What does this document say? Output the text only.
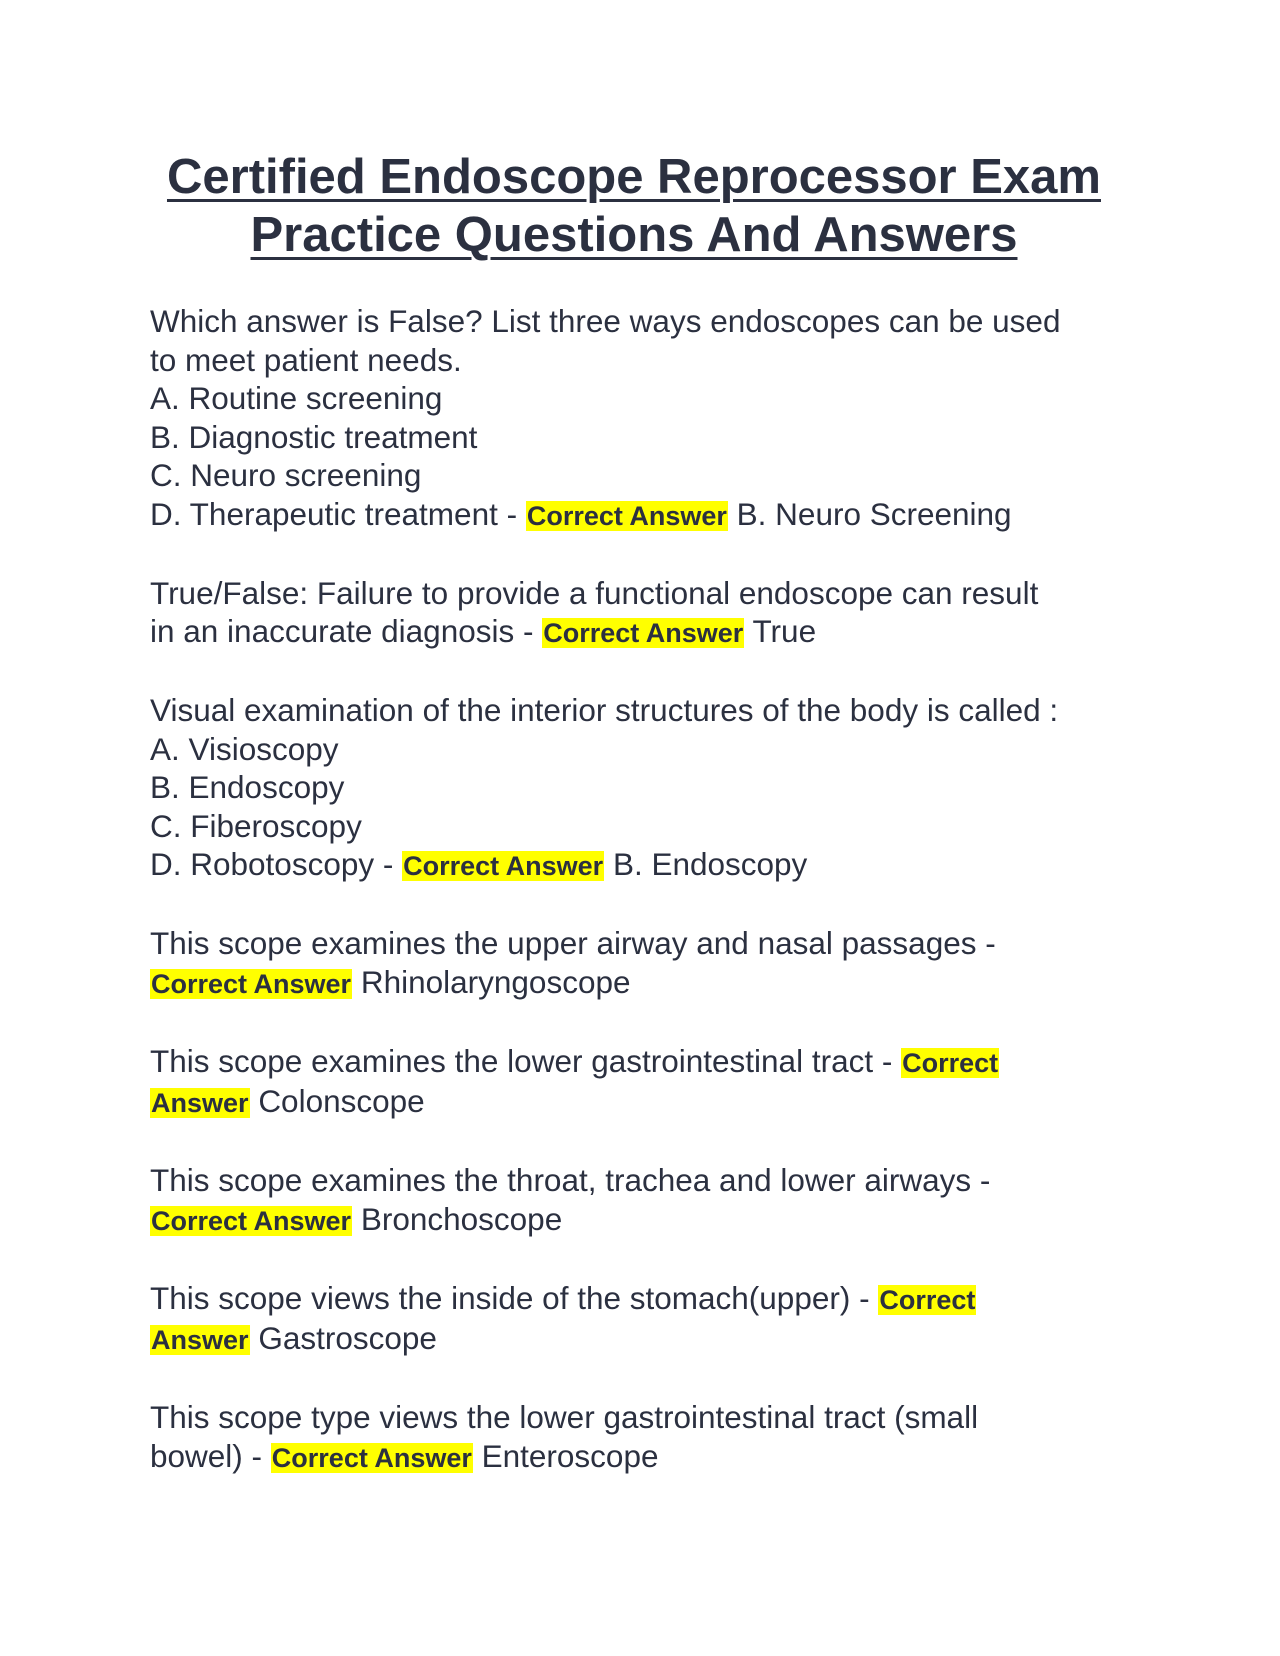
Certified Endoscope Reprocessor Exam
Practice Questions And Answers
Which answer is False? List three ways endoscopes can be used
to meet patient needs.
A. Routine screening
B. Diagnostic treatment
C. Neuro screening
D. Therapeutic treatment - Correct Answer B. Neuro Screening
True/False: Failure to provide a functional endoscope can result
in an inaccurate diagnosis - Correct Answer True
Visual examination of the interior structures of the body is called :
A. Visioscopy
B. Endoscopy
C. Fiberoscopy
D. Robotoscopy - Correct Answer B. Endoscopy
This scope examines the upper airway and nasal passages -
Correct Answer Rhinolaryngoscope
This scope examines the lower gastrointestinal tract - Correct
Answer Colonscope
This scope examines the throat, trachea and lower airways -
Correct Answer Bronchoscope
This scope views the inside of the stomach(upper) - Correct
Answer Gastroscope
This scope type views the lower gastrointestinal tract (small
bowel) - Correct Answer Enteroscope
